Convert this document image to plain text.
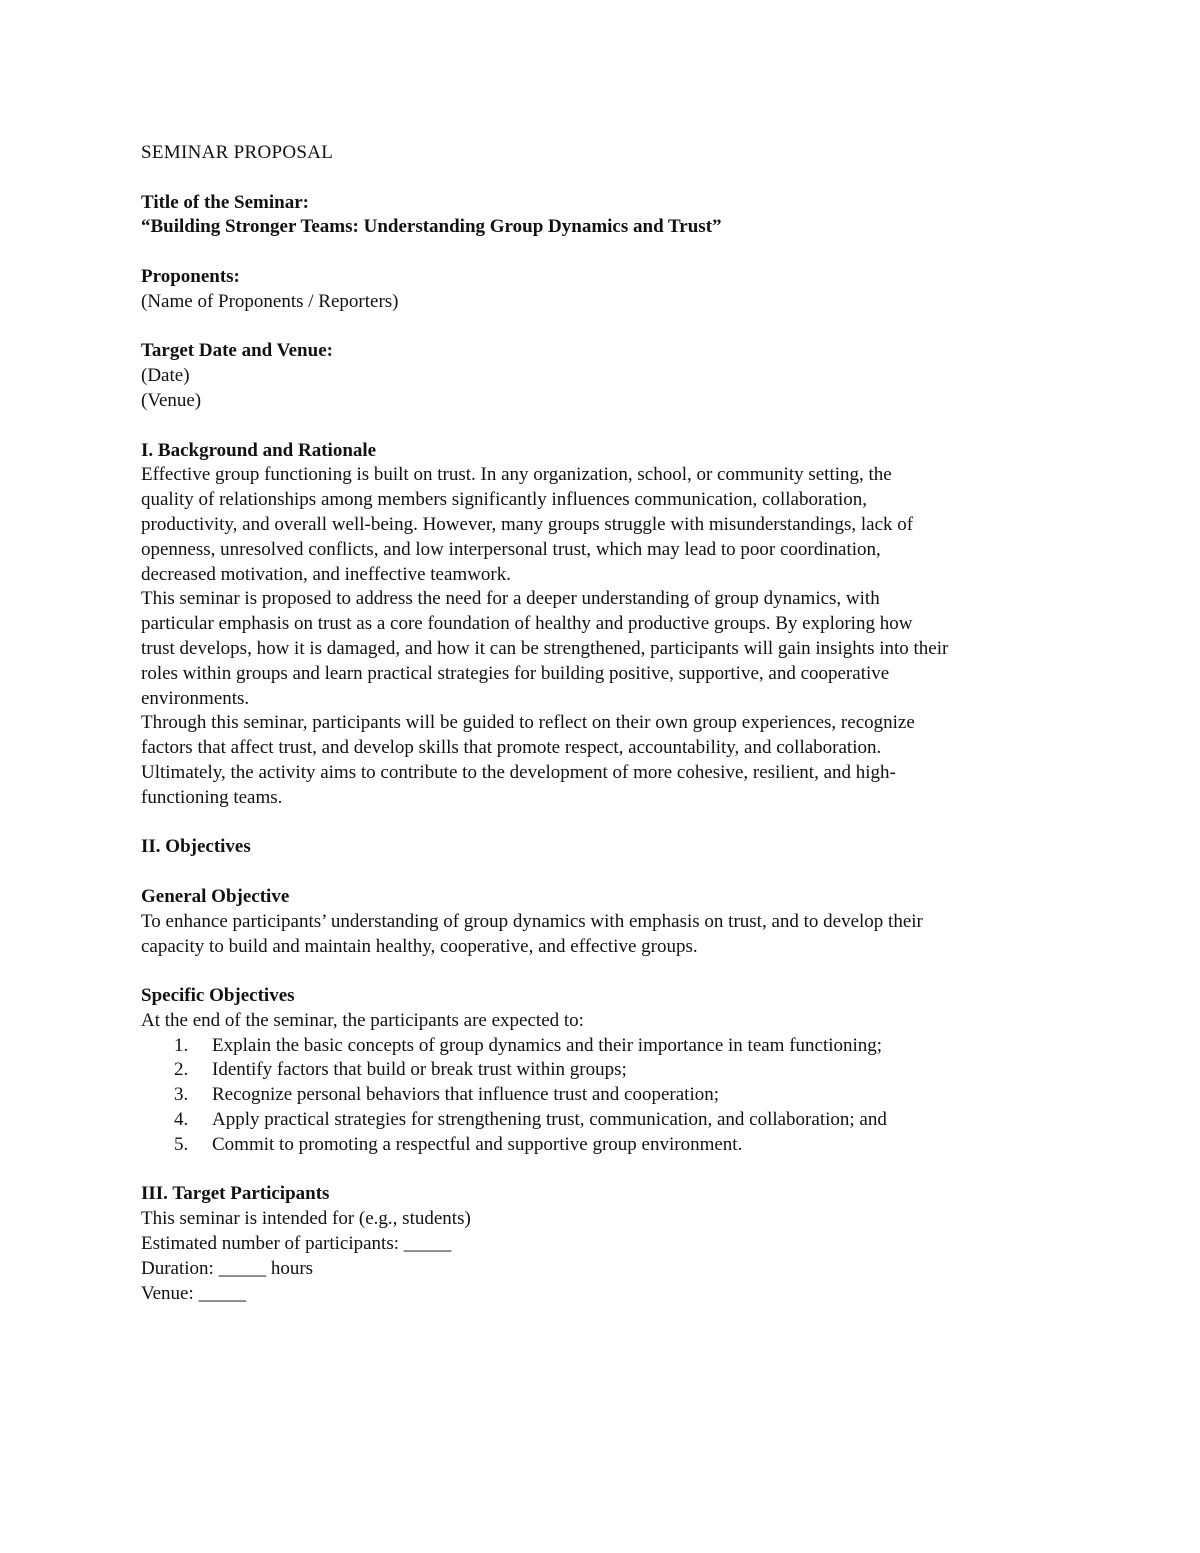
SEMINAR PROPOSAL

Title of the Seminar:

“Building Stronger Teams: Understanding Group Dynamics and Trust”

Proponents:

(Name of Proponents / Reporters)

Target Date and Venue:

(Date)

(Venue)

I. Background and Rationale

Effective group functioning is built on trust. In any organization, school, or community setting, the

quality of relationships among members significantly influences communication, collaboration,

productivity, and overall well-being. However, many groups struggle with misunderstandings, lack of

openness, unresolved conflicts, and low interpersonal trust, which may lead to poor coordination,

decreased motivation, and ineffective teamwork.

This seminar is proposed to address the need for a deeper understanding of group dynamics, with

particular emphasis on trust as a core foundation of healthy and productive groups. By exploring how

trust develops, how it is damaged, and how it can be strengthened, participants will gain insights into their

roles within groups and learn practical strategies for building positive, supportive, and cooperative

environments.

Through this seminar, participants will be guided to reflect on their own group experiences, recognize

factors that affect trust, and develop skills that promote respect, accountability, and collaboration.

Ultimately, the activity aims to contribute to the development of more cohesive, resilient, and high-

functioning teams.

II. Objectives

General Objective

To enhance participants’ understanding of group dynamics with emphasis on trust, and to develop their

capacity to build and maintain healthy, cooperative, and effective groups.

Specific Objectives

At the end of the seminar, the participants are expected to:

1.	Explain the basic concepts of group dynamics and their importance in team functioning;
2.	Identify factors that build or break trust within groups;
3.	Recognize personal behaviors that influence trust and cooperation;
4.	Apply practical strategies for strengthening trust, communication, and collaboration; and
5.	Commit to promoting a respectful and supportive group environment.

III. Target Participants

This seminar is intended for (e.g., students)

Estimated number of participants: _____

Duration: _____ hours

Venue: _____
